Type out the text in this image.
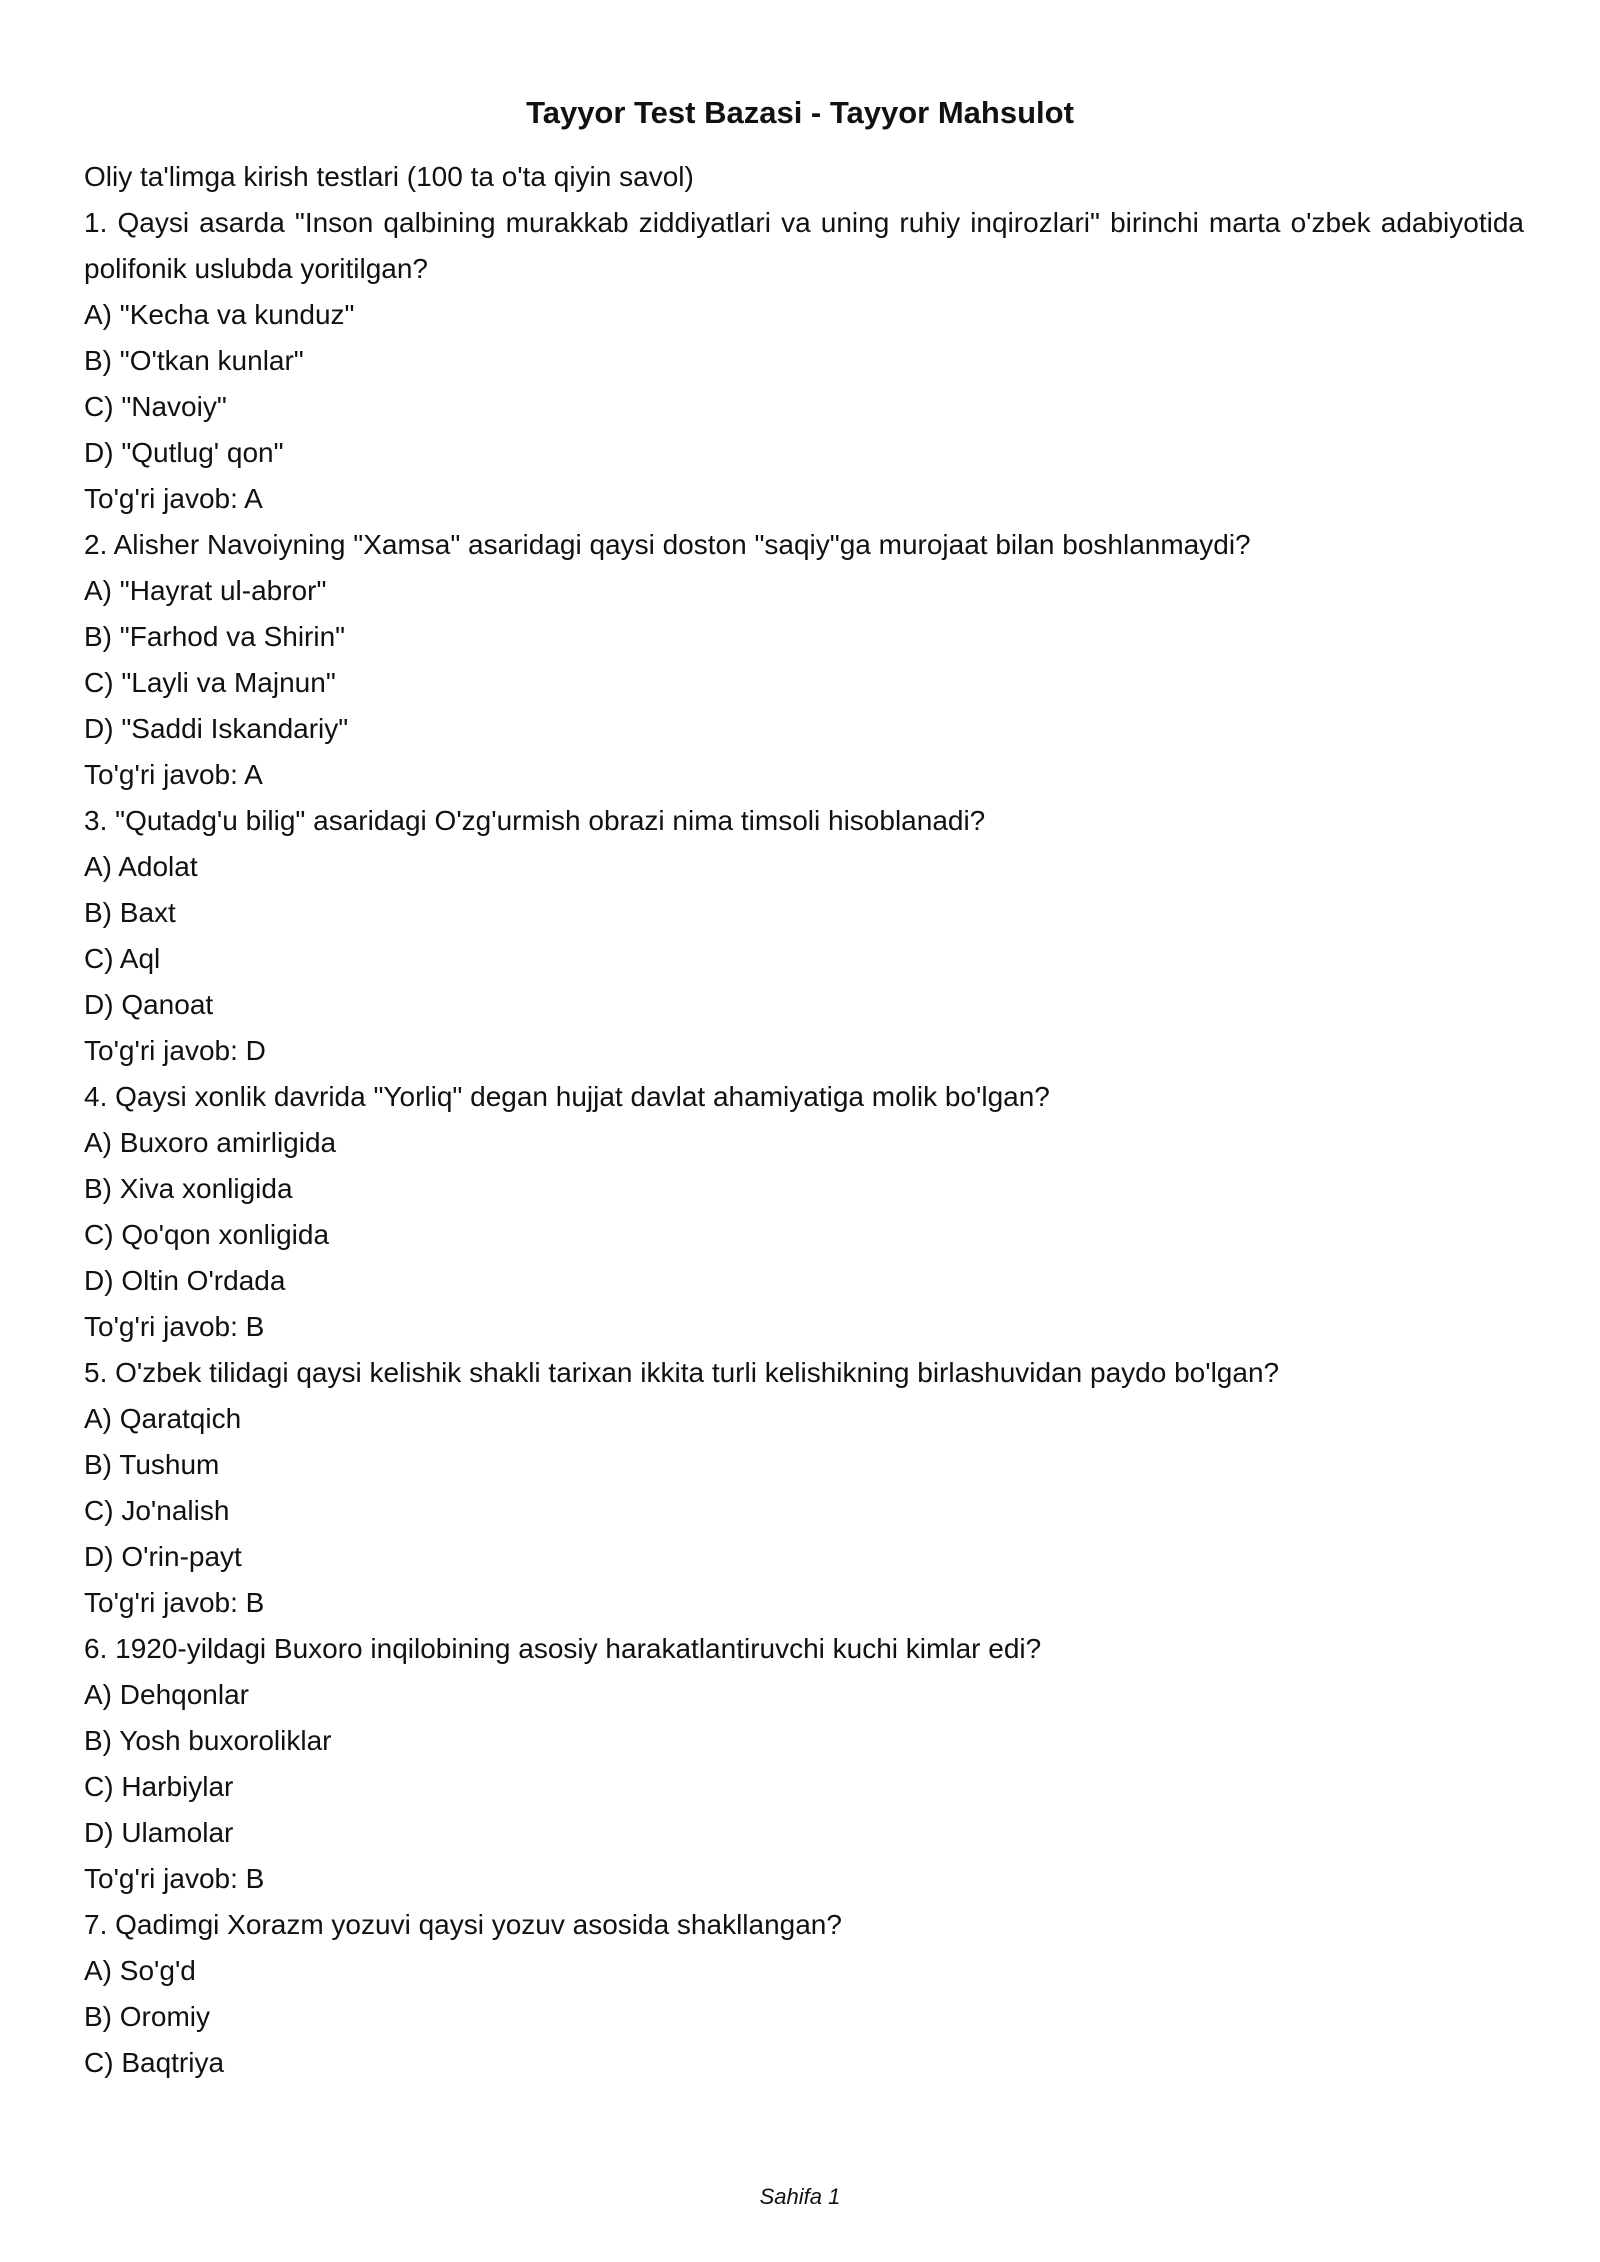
Tayyor Test Bazasi - Tayyor Mahsulot
Oliy ta'limga kirish testlari (100 ta o'ta qiyin savol)
1. Qaysi asarda "Inson qalbining murakkab ziddiyatlari va uning ruhiy inqirozlari" birinchi marta o'zbek adabiyotida polifonik uslubda yoritilgan?
A) "Kecha va kunduz"
B) "O'tkan kunlar"
C) "Navoiy"
D) "Qutlug' qon"
To'g'ri javob: A
2. Alisher Navoiyning "Xamsa" asaridagi qaysi doston "saqiy"ga murojaat bilan boshlanmaydi?
A) "Hayrat ul-abror"
B) "Farhod va Shirin"
C) "Layli va Majnun"
D) "Saddi Iskandariy"
To'g'ri javob: A
3. "Qutadg'u bilig" asaridagi O'zg'urmish obrazi nima timsoli hisoblanadi?
A) Adolat
B) Baxt
C) Aql
D) Qanoat
To'g'ri javob: D
4. Qaysi xonlik davrida "Yorliq" degan hujjat davlat ahamiyatiga molik bo'lgan?
A) Buxoro amirligida
B) Xiva xonligida
C) Qo'qon xonligida
D) Oltin O'rdada
To'g'ri javob: B
5. O'zbek tilidagi qaysi kelishik shakli tarixan ikkita turli kelishikning birlashuvidan paydo bo'lgan?
A) Qaratqich
B) Tushum
C) Jo'nalish
D) O'rin-payt
To'g'ri javob: B
6. 1920-yildagi Buxoro inqilobining asosiy harakatlantiruvchi kuchi kimlar edi?
A) Dehqonlar
B) Yosh buxoroliklar
C) Harbiylar
D) Ulamolar
To'g'ri javob: B
7. Qadimgi Xorazm yozuvi qaysi yozuv asosida shakllangan?
A) So'g'd
B) Oromiy
C) Baqtriya
Sahifa 1
